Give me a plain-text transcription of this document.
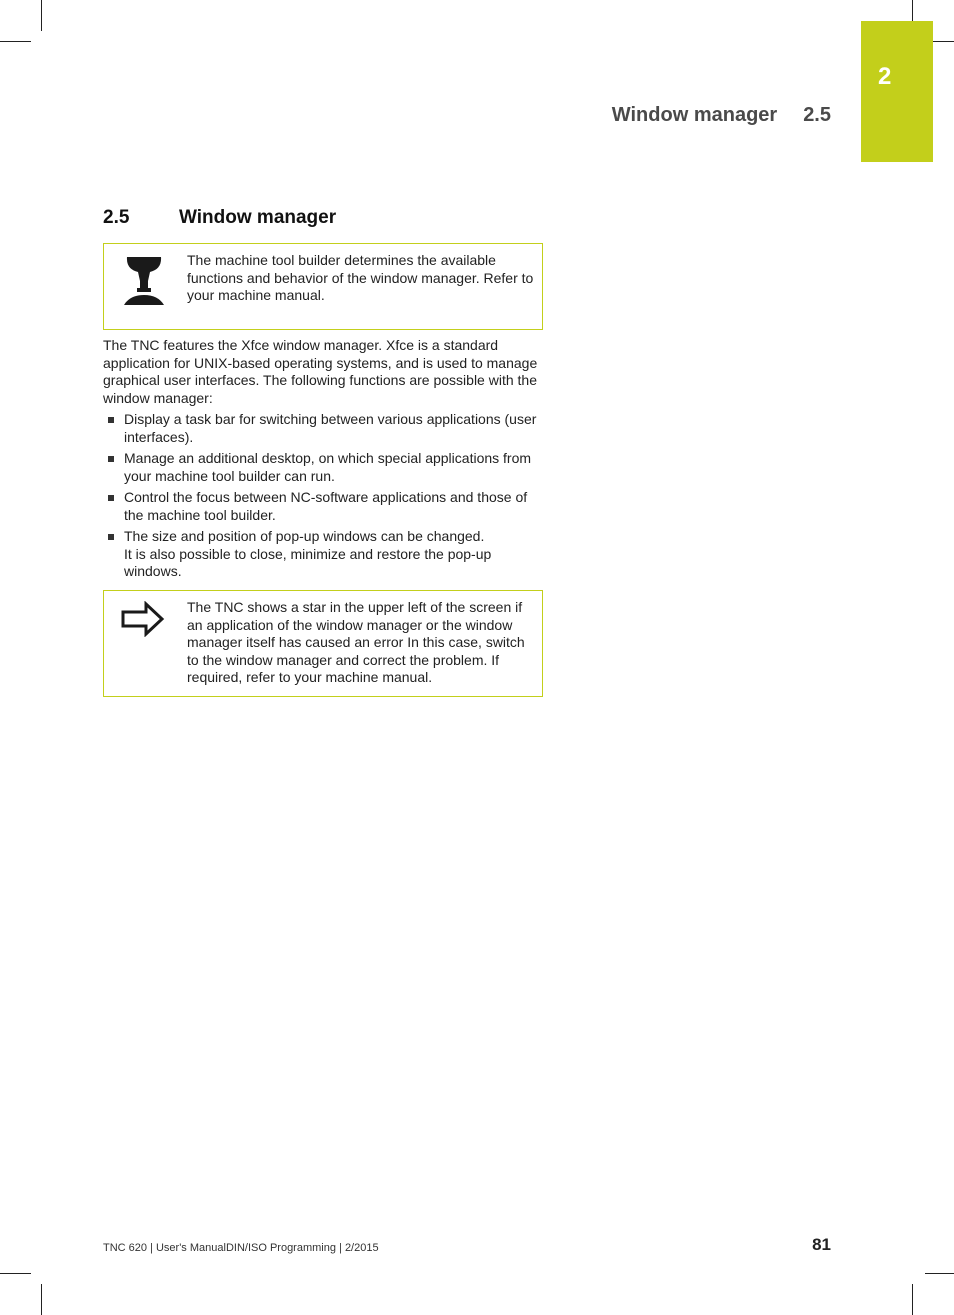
2
Window manager 2.5
2.5	Window manager
The machine tool builder determines the available functions and behavior of the window manager. Refer to your machine manual.
The TNC features the Xfce window manager. Xfce is a standard application for UNIX-based operating systems, and is used to manage graphical user interfaces. The following functions are possible with the window manager:
Display a task bar for switching between various applications (user interfaces).
Manage an additional desktop, on which special applications from your machine tool builder can run.
Control the focus between NC-software applications and those of the machine tool builder.
The size and position of pop-up windows can be changed.
It is also possible to close, minimize and restore the pop-up windows.
The TNC shows a star in the upper left of the screen if an application of the window manager or the window manager itself has caused an error In this case, switch to the window manager and correct the problem. If required, refer to your machine manual.
TNC 620 | User's ManualDIN/ISO Programming | 2/2015	81
